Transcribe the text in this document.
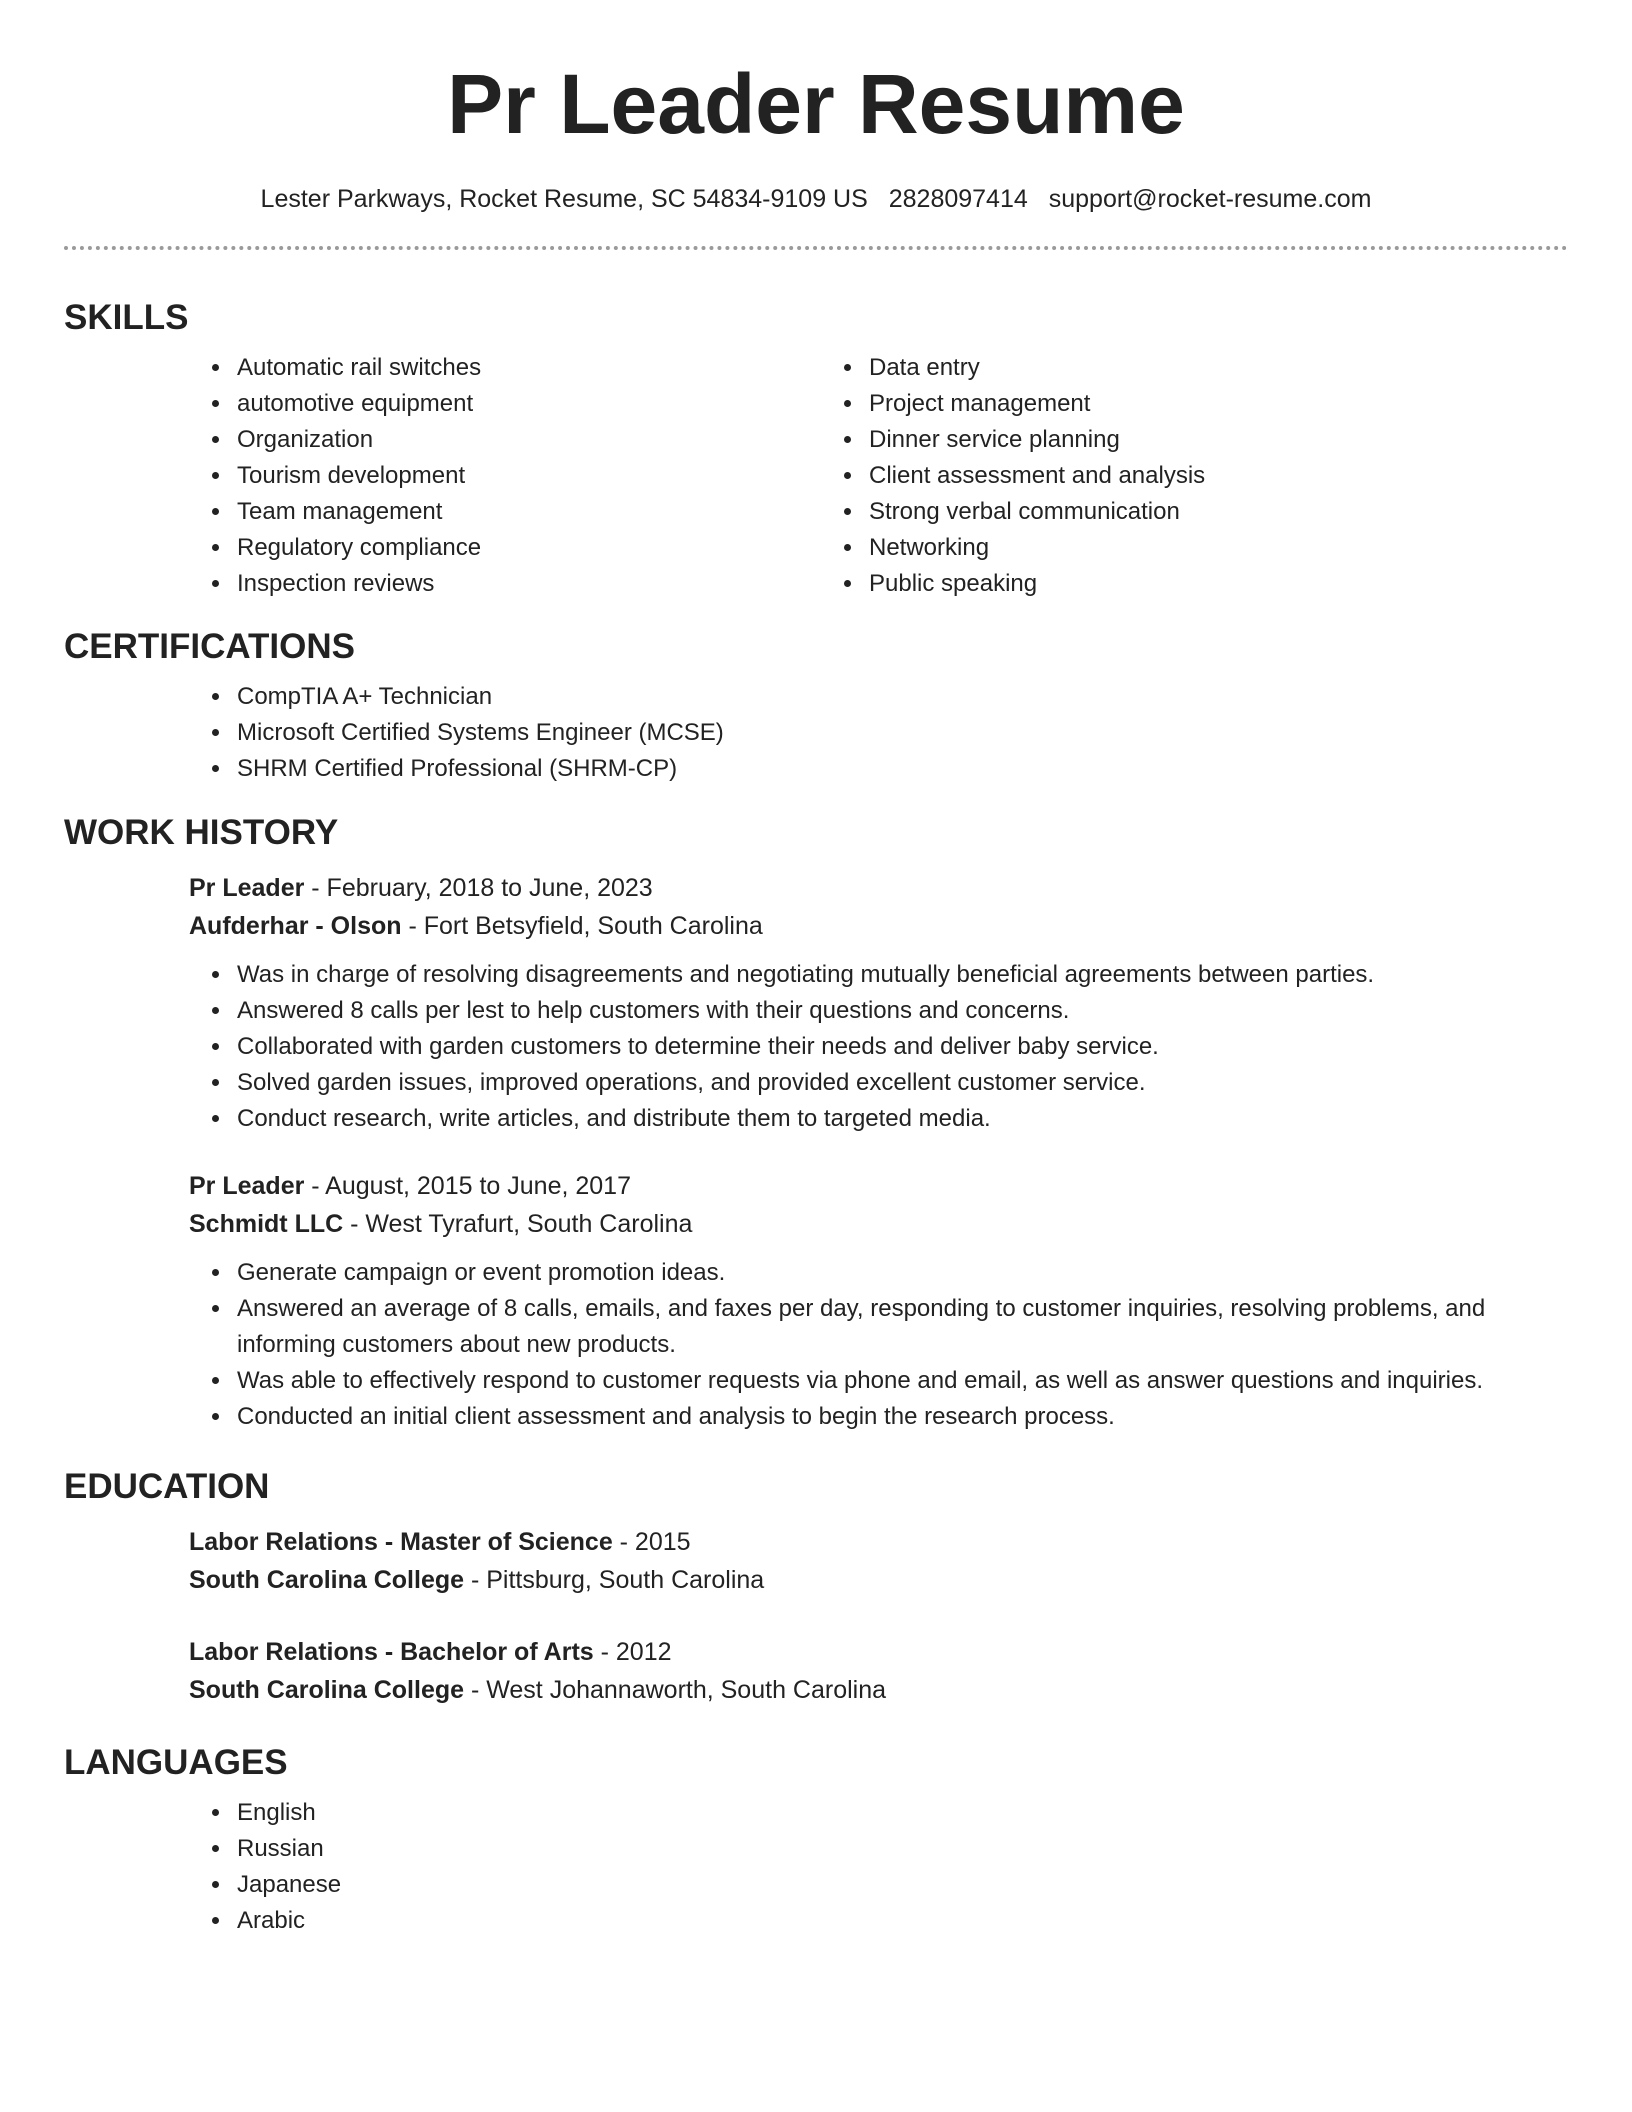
Pr Leader Resume
Lester Parkways, Rocket Resume, SC 54834-9109 US 2828097414 support@rocket-resume.com
SKILLS
• Automatic rail switches
• automotive equipment
• Organization
• Tourism development
• Team management
• Regulatory compliance
• Inspection reviews
• Data entry
• Project management
• Dinner service planning
• Client assessment and analysis
• Strong verbal communication
• Networking
• Public speaking
CERTIFICATIONS
• CompTIA A+ Technician
• Microsoft Certified Systems Engineer (MCSE)
• SHRM Certified Professional (SHRM-CP)
WORK HISTORY
Pr Leader - February, 2018 to June, 2023
Aufderhar - Olson - Fort Betsyfield, South Carolina
• Was in charge of resolving disagreements and negotiating mutually beneficial agreements between parties.
• Answered 8 calls per lest to help customers with their questions and concerns.
• Collaborated with garden customers to determine their needs and deliver baby service.
• Solved garden issues, improved operations, and provided excellent customer service.
• Conduct research, write articles, and distribute them to targeted media.
Pr Leader - August, 2015 to June, 2017
Schmidt LLC - West Tyrafurt, South Carolina
• Generate campaign or event promotion ideas.
• Answered an average of 8 calls, emails, and faxes per day, responding to customer inquiries, resolving problems, and informing customers about new products.
• Was able to effectively respond to customer requests via phone and email, as well as answer questions and inquiries.
• Conducted an initial client assessment and analysis to begin the research process.
EDUCATION
Labor Relations - Master of Science - 2015
South Carolina College - Pittsburg, South Carolina
Labor Relations - Bachelor of Arts - 2012
South Carolina College - West Johannaworth, South Carolina
LANGUAGES
• English
• Russian
• Japanese
• Arabic
